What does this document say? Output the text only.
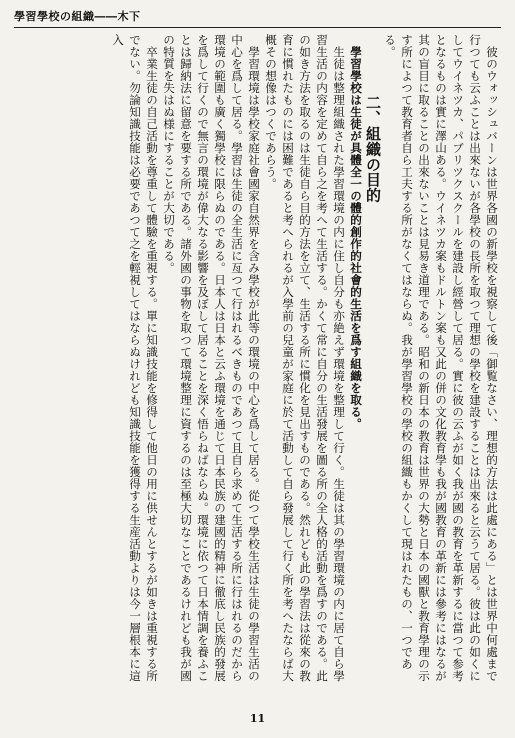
學習學校の組織――木下

彼のウォッシュバーンは世界各國の新學校を視察して後「御覧なさい、理想的方法は此處にある」とは世界中何處まで行つても云ふことは出來ないが各學校の長所を取つて理想の學校を建設することは出來ると云うて居る。彼は此の如くにしてウイネツカ、パブリツクスクールを建設し經營して居る。實に彼の云ふが如く我が國の教育を革新するに當つて参考となるものは實に澤山ある。ウイネツカ案もドルトン案も又此の併の文化教育學も我が國教育の革新には參考にはなるが其の盲目に取ることの出來ないことは見易き道理である。昭和の新日本の教育は世界の大勢と日本の國獸と教育學理の示す所によつて教育者自ら工夫する所がなくてはならぬ。我が學習學校の學校の組織もかくして現はれたもの、一つである。

二、組織の目的

學習學校は生徒が具體全一の體的創作的社會的生活を爲す組織を取る。

生徒は整理組織された學習環境の内に住し自分も亦絶えず環境を整理して行く。生徒は其の學習環境の内に居て自ら學習生活の内容を定めて自ら之を考へて生活する。かくて常に自分の生活發展を圖る所の全人格的活動を爲すのである。此の如き方法を取るのは生徒自ら目的方法を立て、生活する所に慣化を見出すものである。然れども此の學習法は從來の教育に慣れたものには困難であると考へられるが入學前の兒童が家庭に於て活動して自ら發展して行く所を考へたならば大概その想像はつくであらう。

學習環境は學校家庭社會國家自然界を含み學校が此等の環境の中心を爲して居る。從つて學校生活は生徒の學習生活の中心を爲して居る。學習は生徒の全生活に亙つて行はれるべきものであつて且自ら求めて生活する所に行はれるのだから環境の範圍も廣く獨學校に限らぬのである。日本人は日本と云ふ環境を通じて日本民族の建國的精神に徹底し民族的發展を爲して行くので無言の環境が偉大なる影響を及ぼして居ることを深く悟らねばならぬ。環境に依つて日本情調を養ふことは歸納法に留意を要する所である。諸外國の事物を取つて環境整理に資するのは至極大切なことであるけれども我が國の特質を失はぬ様にすることが大切である。

卒業生徒の自己活動を尊重して體驗を重視する。單に知識技能を修得して他日の用に供せんとするが如きは重視する所でない。勿論知識技能は必要であつて之を輕視してはならぬけれども知識技能を獲得する生産活動よりは今一層根本に這入

11
